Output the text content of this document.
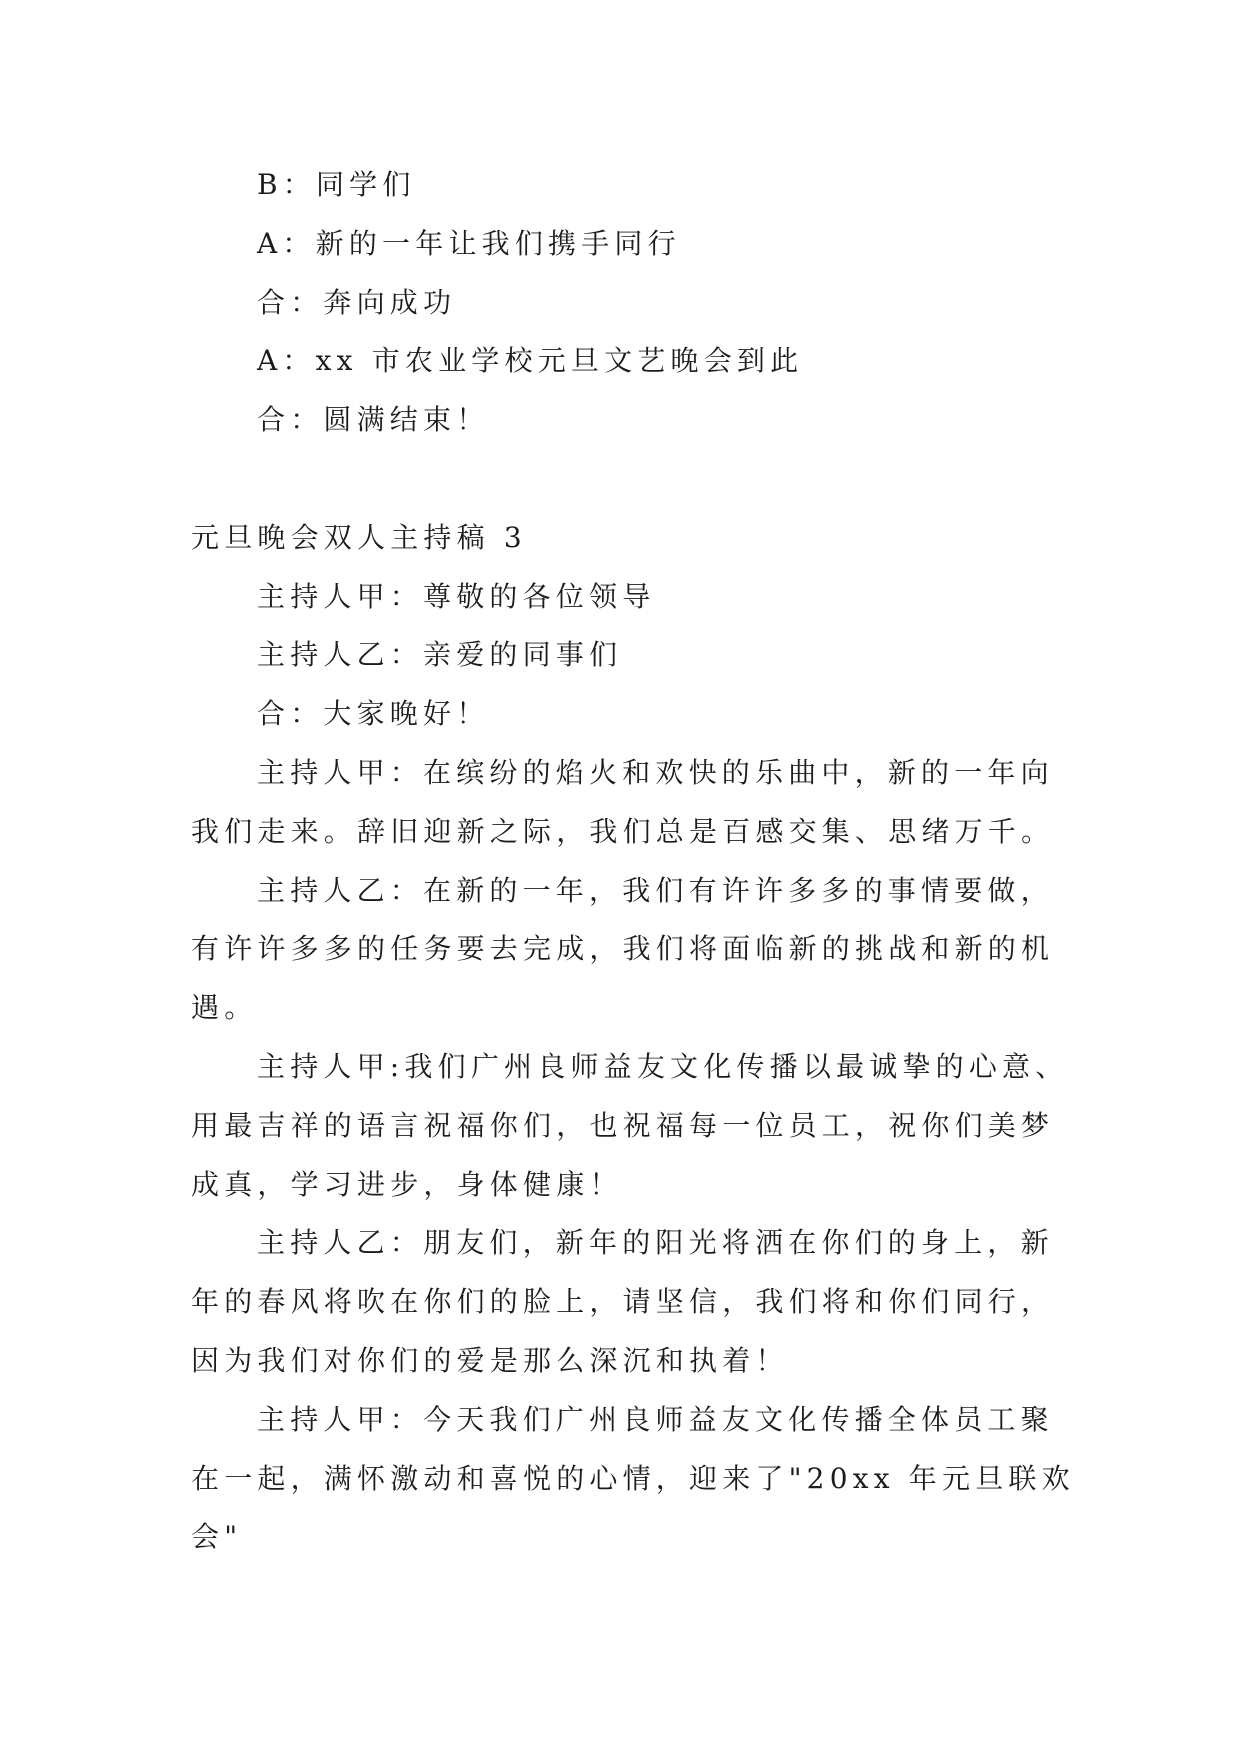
B：同学们
A：新的一年让我们携手同行
合：奔向成功
A：xx 市农业学校元旦文艺晚会到此
合：圆满结束！
元旦晚会双人主持稿 3
主持人甲：尊敬的各位领导
主持人乙：亲爱的同事们
合：大家晚好！
主持人甲：在缤纷的焰火和欢快的乐曲中，新的一年向
我们走来。辞旧迎新之际，我们总是百感交集、思绪万千。
主持人乙：在新的一年，我们有许许多多的事情要做，
有许许多多的任务要去完成，我们将面临新的挑战和新的机
遇。
主持人甲:我们广州良师益友文化传播以最诚挚的心意、
用最吉祥的语言祝福你们，也祝福每一位员工，祝你们美梦
成真，学习进步，身体健康！
主持人乙：朋友们，新年的阳光将洒在你们的身上，新
年的春风将吹在你们的脸上，请坚信，我们将和你们同行，
因为我们对你们的爱是那么深沉和执着！
主持人甲：今天我们广州良师益友文化传播全体员工聚
在一起，满怀激动和喜悦的心情，迎来了"20xx 年元旦联欢
会"
